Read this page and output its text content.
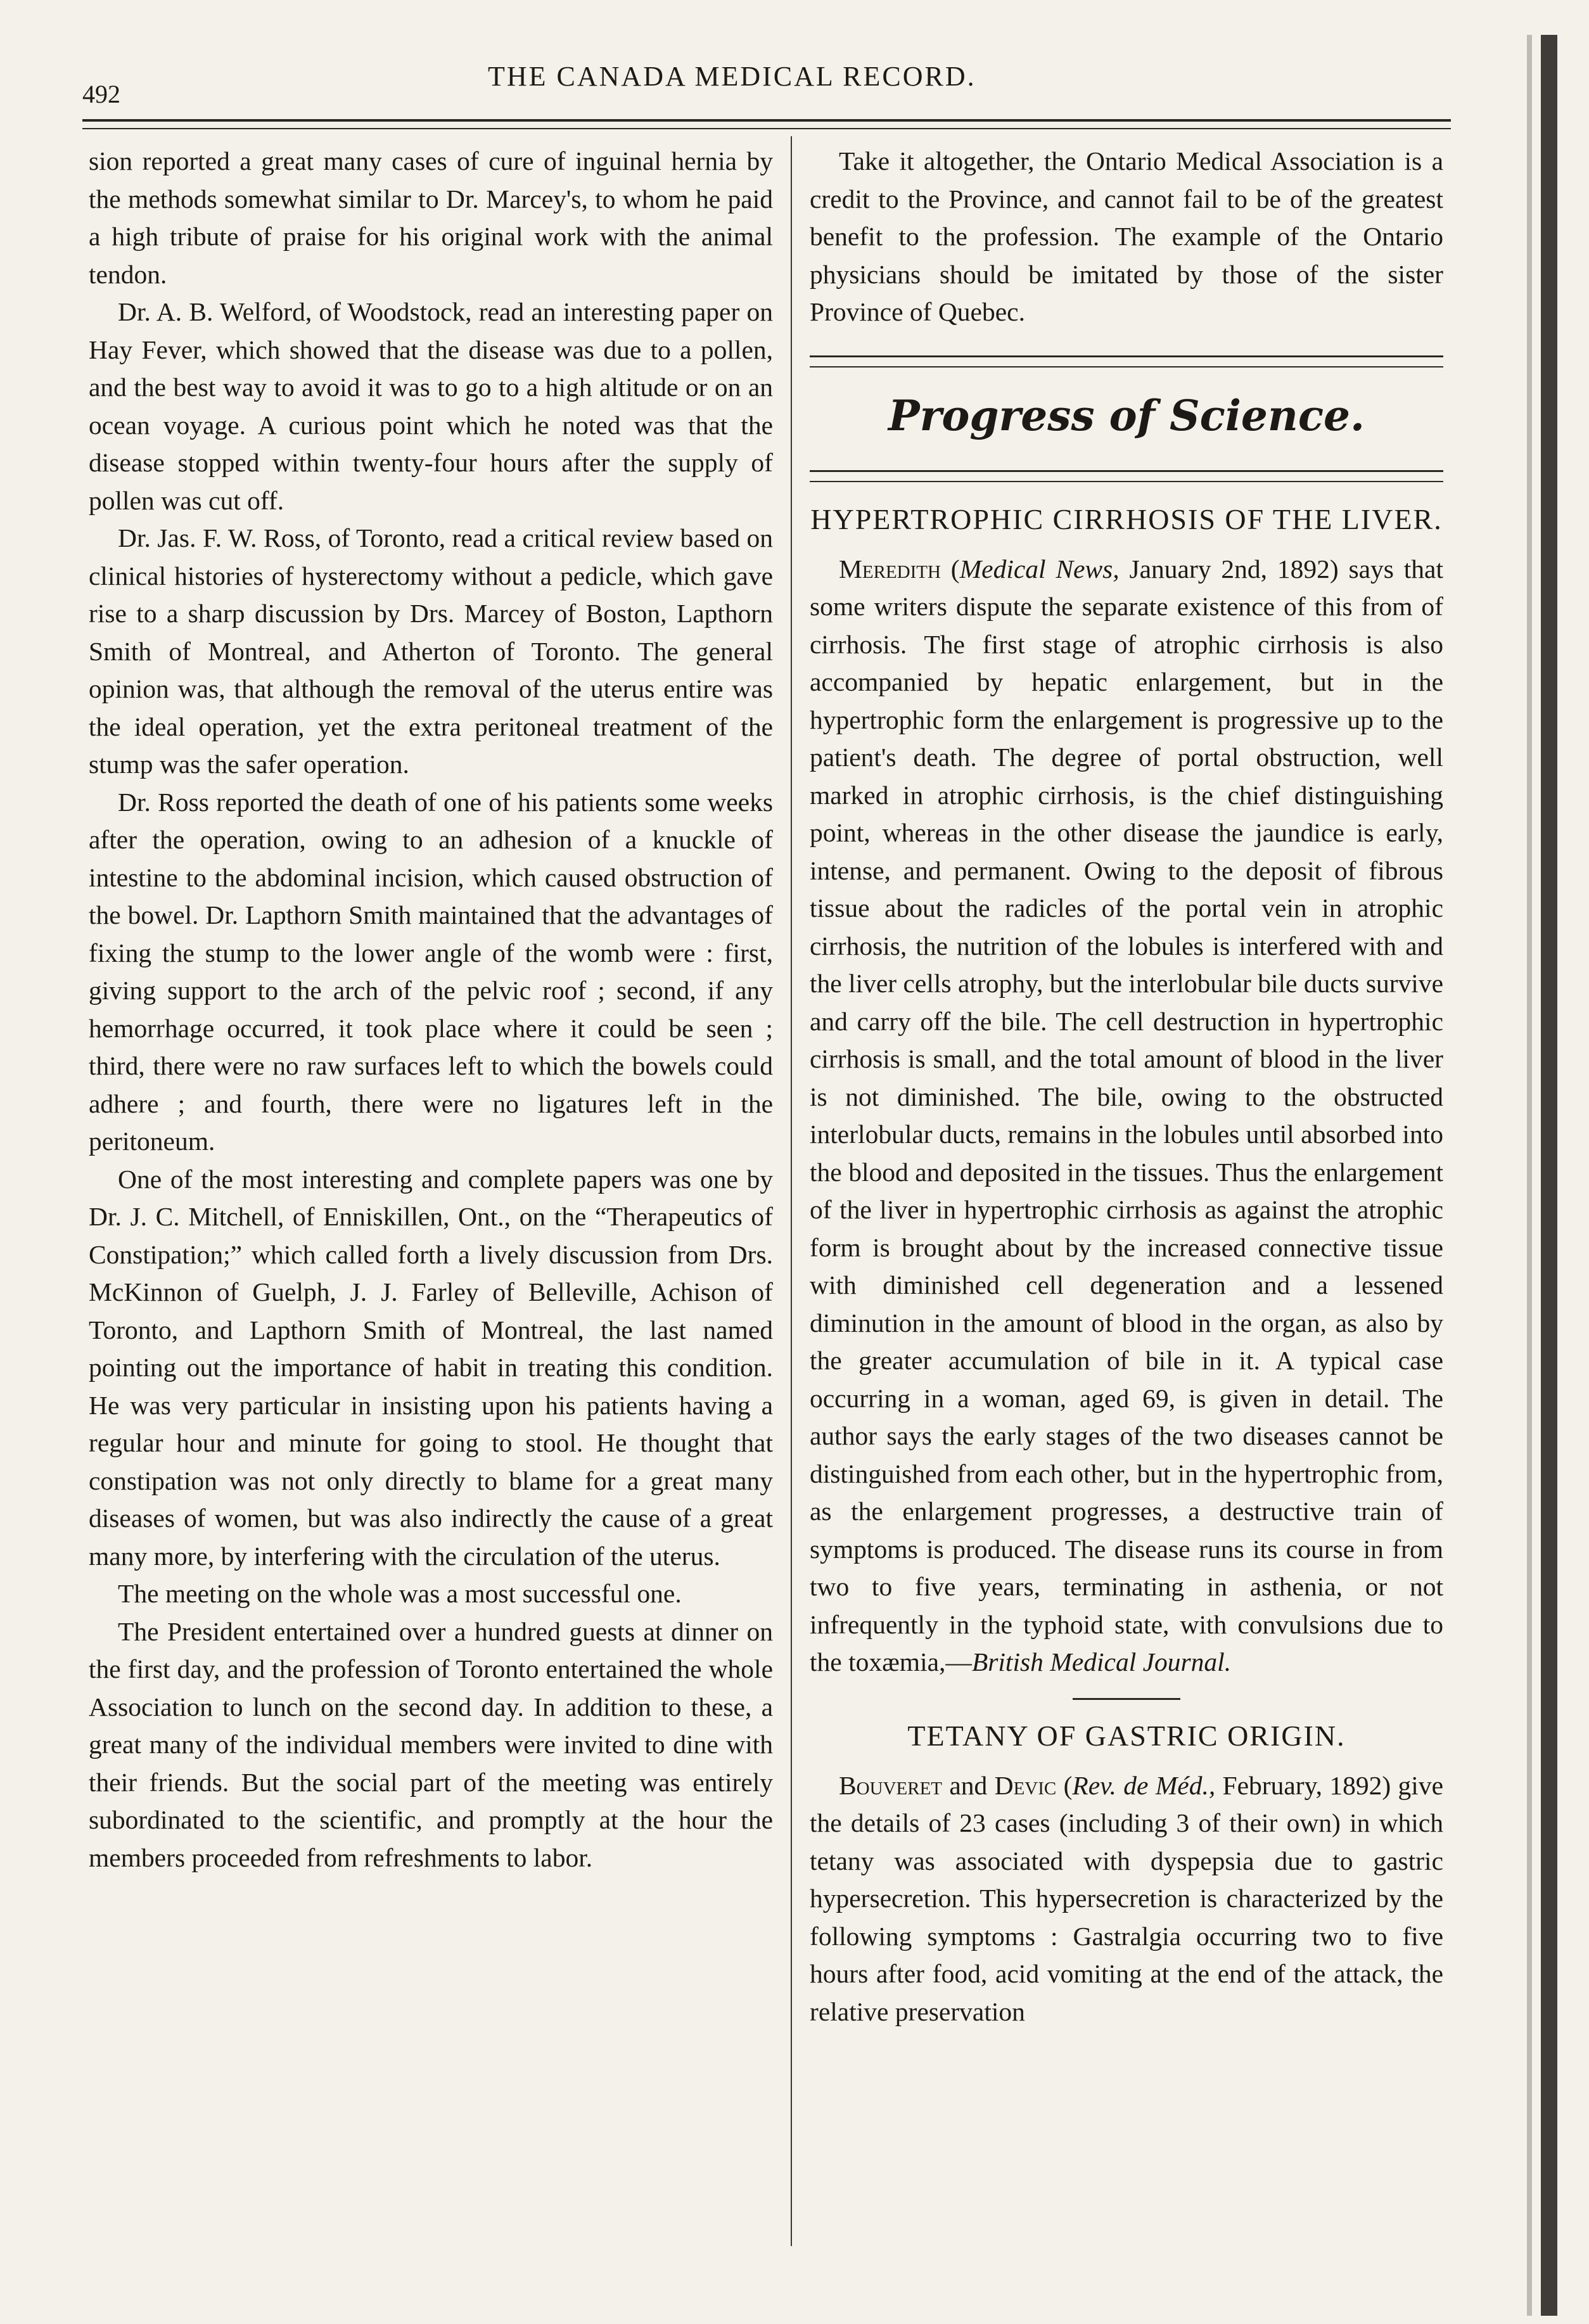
492
THE CANADA MEDICAL RECORD.

sion reported a great many cases of cure of inguinal hernia by the methods somewhat similar to Dr. Marcey's, to whom he paid a high tribute of praise for his original work with the animal tendon.

Dr. A. B. Welford, of Woodstock, read an interesting paper on Hay Fever, which showed that the disease was due to a pollen, and the best way to avoid it was to go to a high altitude or on an ocean voyage. A curious point which he noted was that the disease stopped within twenty-four hours after the supply of pollen was cut off.

Dr. Jas. F. W. Ross, of Toronto, read a critical review based on clinical histories of hysterectomy without a pedicle, which gave rise to a sharp discussion by Drs. Marcey of Boston, Lapthorn Smith of Montreal, and Atherton of Toronto. The general opinion was, that although the removal of the uterus entire was the ideal operation, yet the extra peritoneal treatment of the stump was the safer operation.

Dr. Ross reported the death of one of his patients some weeks after the operation, owing to an adhesion of a knuckle of intestine to the abdominal incision, which caused obstruction of the bowel. Dr. Lapthorn Smith maintained that the advantages of fixing the stump to the lower angle of the womb were : first, giving support to the arch of the pelvic roof ; second, if any hemorrhage occurred, it took place where it could be seen ; third, there were no raw surfaces left to which the bowels could adhere ; and fourth, there were no ligatures left in the peritoneum.

One of the most interesting and complete papers was one by Dr. J. C. Mitchell, of Enniskillen, Ont., on the “Therapeutics of Constipation;” which called forth a lively discussion from Drs. McKinnon of Guelph, J. J. Farley of Belleville, Achison of Toronto, and Lapthorn Smith of Montreal, the last named pointing out the importance of habit in treating this condition. He was very particular in insisting upon his patients having a regular hour and minute for going to stool. He thought that constipation was not only directly to blame for a great many diseases of women, but was also indirectly the cause of a great many more, by interfering with the circulation of the uterus.

The meeting on the whole was a most successful one.

The President entertained over a hundred guests at dinner on the first day, and the profession of Toronto entertained the whole Association to lunch on the second day. In addition to these, a great many of the individual members were invited to dine with their friends. But the social part of the meeting was entirely subordinated to the scientific, and promptly at the hour the members proceeded from refreshments to labor.

Take it altogether, the Ontario Medical Association is a credit to the Province, and cannot fail to be of the greatest benefit to the profession. The example of the Ontario physicians should be imitated by those of the sister Province of Quebec.

Progress of Science.
HYPERTROPHIC CIRRHOSIS OF THE LIVER.

Meredith (Medical News, January 2nd, 1892) says that some writers dispute the separate existence of this from of cirrhosis. The first stage of atrophic cirrhosis is also accompanied by hepatic enlargement, but in the hypertrophic form the enlargement is progressive up to the patient's death. The degree of portal obstruction, well marked in atrophic cirrhosis, is the chief distinguishing point, whereas in the other disease the jaundice is early, intense, and permanent. Owing to the deposit of fibrous tissue about the radicles of the portal vein in atrophic cirrhosis, the nutrition of the lobules is interfered with and the liver cells atrophy, but the interlobular bile ducts survive and carry off the bile. The cell destruction in hypertrophic cirrhosis is small, and the total amount of blood in the liver is not diminished. The bile, owing to the obstructed interlobular ducts, remains in the lobules until absorbed into the blood and deposited in the tissues. Thus the enlargement of the liver in hypertrophic cirrhosis as against the atrophic form is brought about by the increased connective tissue with diminished cell degeneration and a lessened diminution in the amount of blood in the organ, as also by the greater accumulation of bile in it. A typical case occurring in a woman, aged 69, is given in detail. The author says the early stages of the two diseases cannot be distinguished from each other, but in the hypertrophic from, as the enlargement progresses, a destructive train of symptoms is produced. The disease runs its course in from two to five years, terminating in asthenia, or not infrequently in the typhoid state, with convulsions due to the toxæmia,—British Medical Journal.

TETANY OF GASTRIC ORIGIN.

Bouveret and Devic (Rev. de Méd., February, 1892) give the details of 23 cases (including 3 of their own) in which tetany was associated with dyspepsia due to gastric hypersecretion. This hypersecretion is characterized by the following symptoms : Gastralgia occurring two to five hours after food, acid vomiting at the end of the attack, the relative preservation
